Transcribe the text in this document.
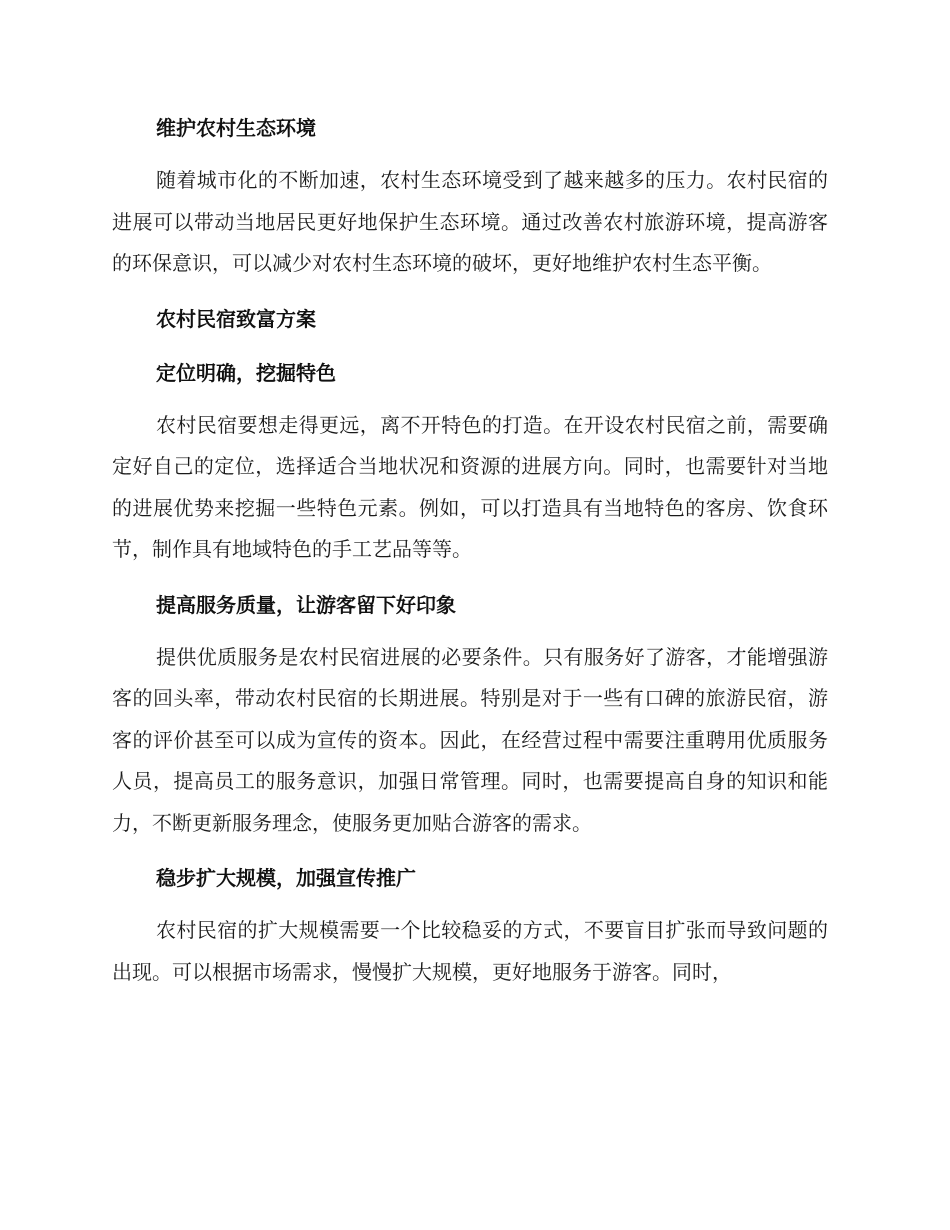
维护农村生态环境

随着城市化的不断加速，农村生态环境受到了越来越多的压力。农村民宿的进展可以带动当地居民更好地保护生态环境。通过改善农村旅游环境，提高游客的环保意识，可以减少对农村生态环境的破坏，更好地维护农村生态平衡。

农村民宿致富方案
定位明确，挖掘特色

农村民宿要想走得更远，离不开特色的打造。在开设农村民宿之前，需要确定好自己的定位，选择适合当地状况和资源的进展方向。同时，也需要针对当地的进展优势来挖掘一些特色元素。例如，可以打造具有当地特色的客房、饮食环节，制作具有地域特色的手工艺品等等。

提高服务质量，让游客留下好印象

提供优质服务是农村民宿进展的必要条件。只有服务好了游客，才能增强游客的回头率，带动农村民宿的长期进展。特别是对于一些有口碑的旅游民宿，游客的评价甚至可以成为宣传的资本。因此，在经营过程中需要注重聘用优质服务人员，提高员工的服务意识，加强日常管理。同时，也需要提高自身的知识和能力，不断更新服务理念，使服务更加贴合游客的需求。

稳步扩大规模，加强宣传推广

农村民宿的扩大规模需要一个比较稳妥的方式，不要盲目扩张而导致问题的出现。可以根据市场需求，慢慢扩大规模，更好地服务于游客。同时，
